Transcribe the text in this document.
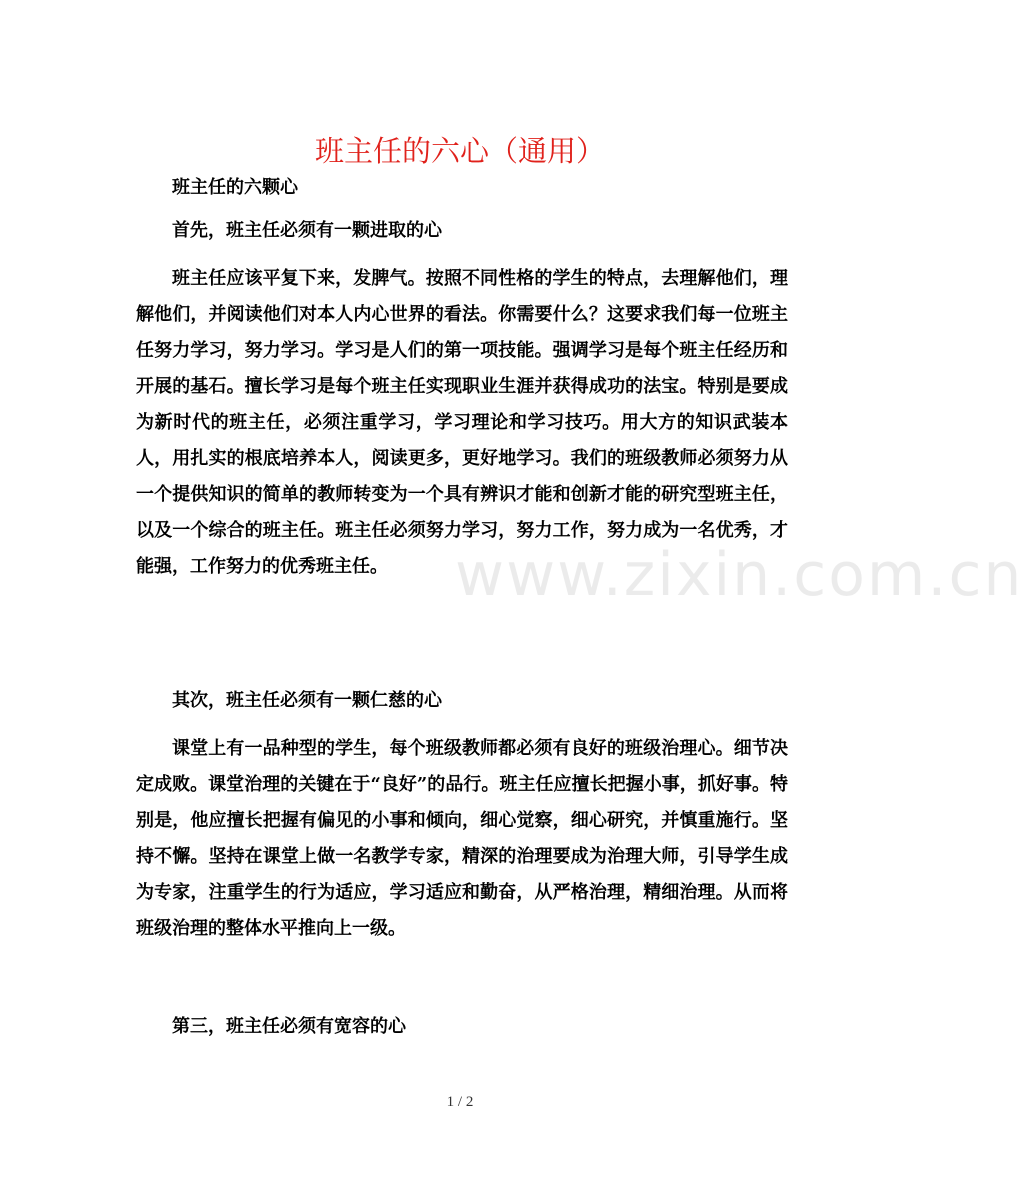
班主任的六心（通用）

班主任的六颗心

首先，班主任必须有一颗进取的心

班主任应该平复下来，发脾气。按照不同性格的学生的特点，去理解他们，理解他们，并阅读他们对本人内心世界的看法。你需要什么？这要求我们每一位班主任努力学习，努力学习。学习是人们的第一项技能。强调学习是每个班主任经历和开展的基石。擅长学习是每个班主任实现职业生涯并获得成功的法宝。特别是要成为新时代的班主任，必须注重学习，学习理论和学习技巧。用大方的知识武装本人，用扎实的根底培养本人，阅读更多，更好地学习。我们的班级教师必须努力从一个提供知识的简单的教师转变为一个具有辨识才能和创新才能的研究型班主任，以及一个综合的班主任。班主任必须努力学习，努力工作，努力成为一名优秀，才能强，工作努力的优秀班主任。

其次，班主任必须有一颗仁慈的心

课堂上有一品种型的学生，每个班级教师都必须有良好的班级治理心。细节决定成败。课堂治理的关键在于“良好”的品行。班主任应擅长把握小事，抓好事。特别是，他应擅长把握有偏见的小事和倾向，细心觉察，细心研究，并慎重施行。坚持不懈。坚持在课堂上做一名教学专家，精深的治理要成为治理大师，引导学生成为专家，注重学生的行为适应，学习适应和勤奋，从严格治理，精细治理。从而将班级治理的整体水平推向上一级。

第三，班主任必须有宽容的心

www.zixin.com.cn
1 / 2
